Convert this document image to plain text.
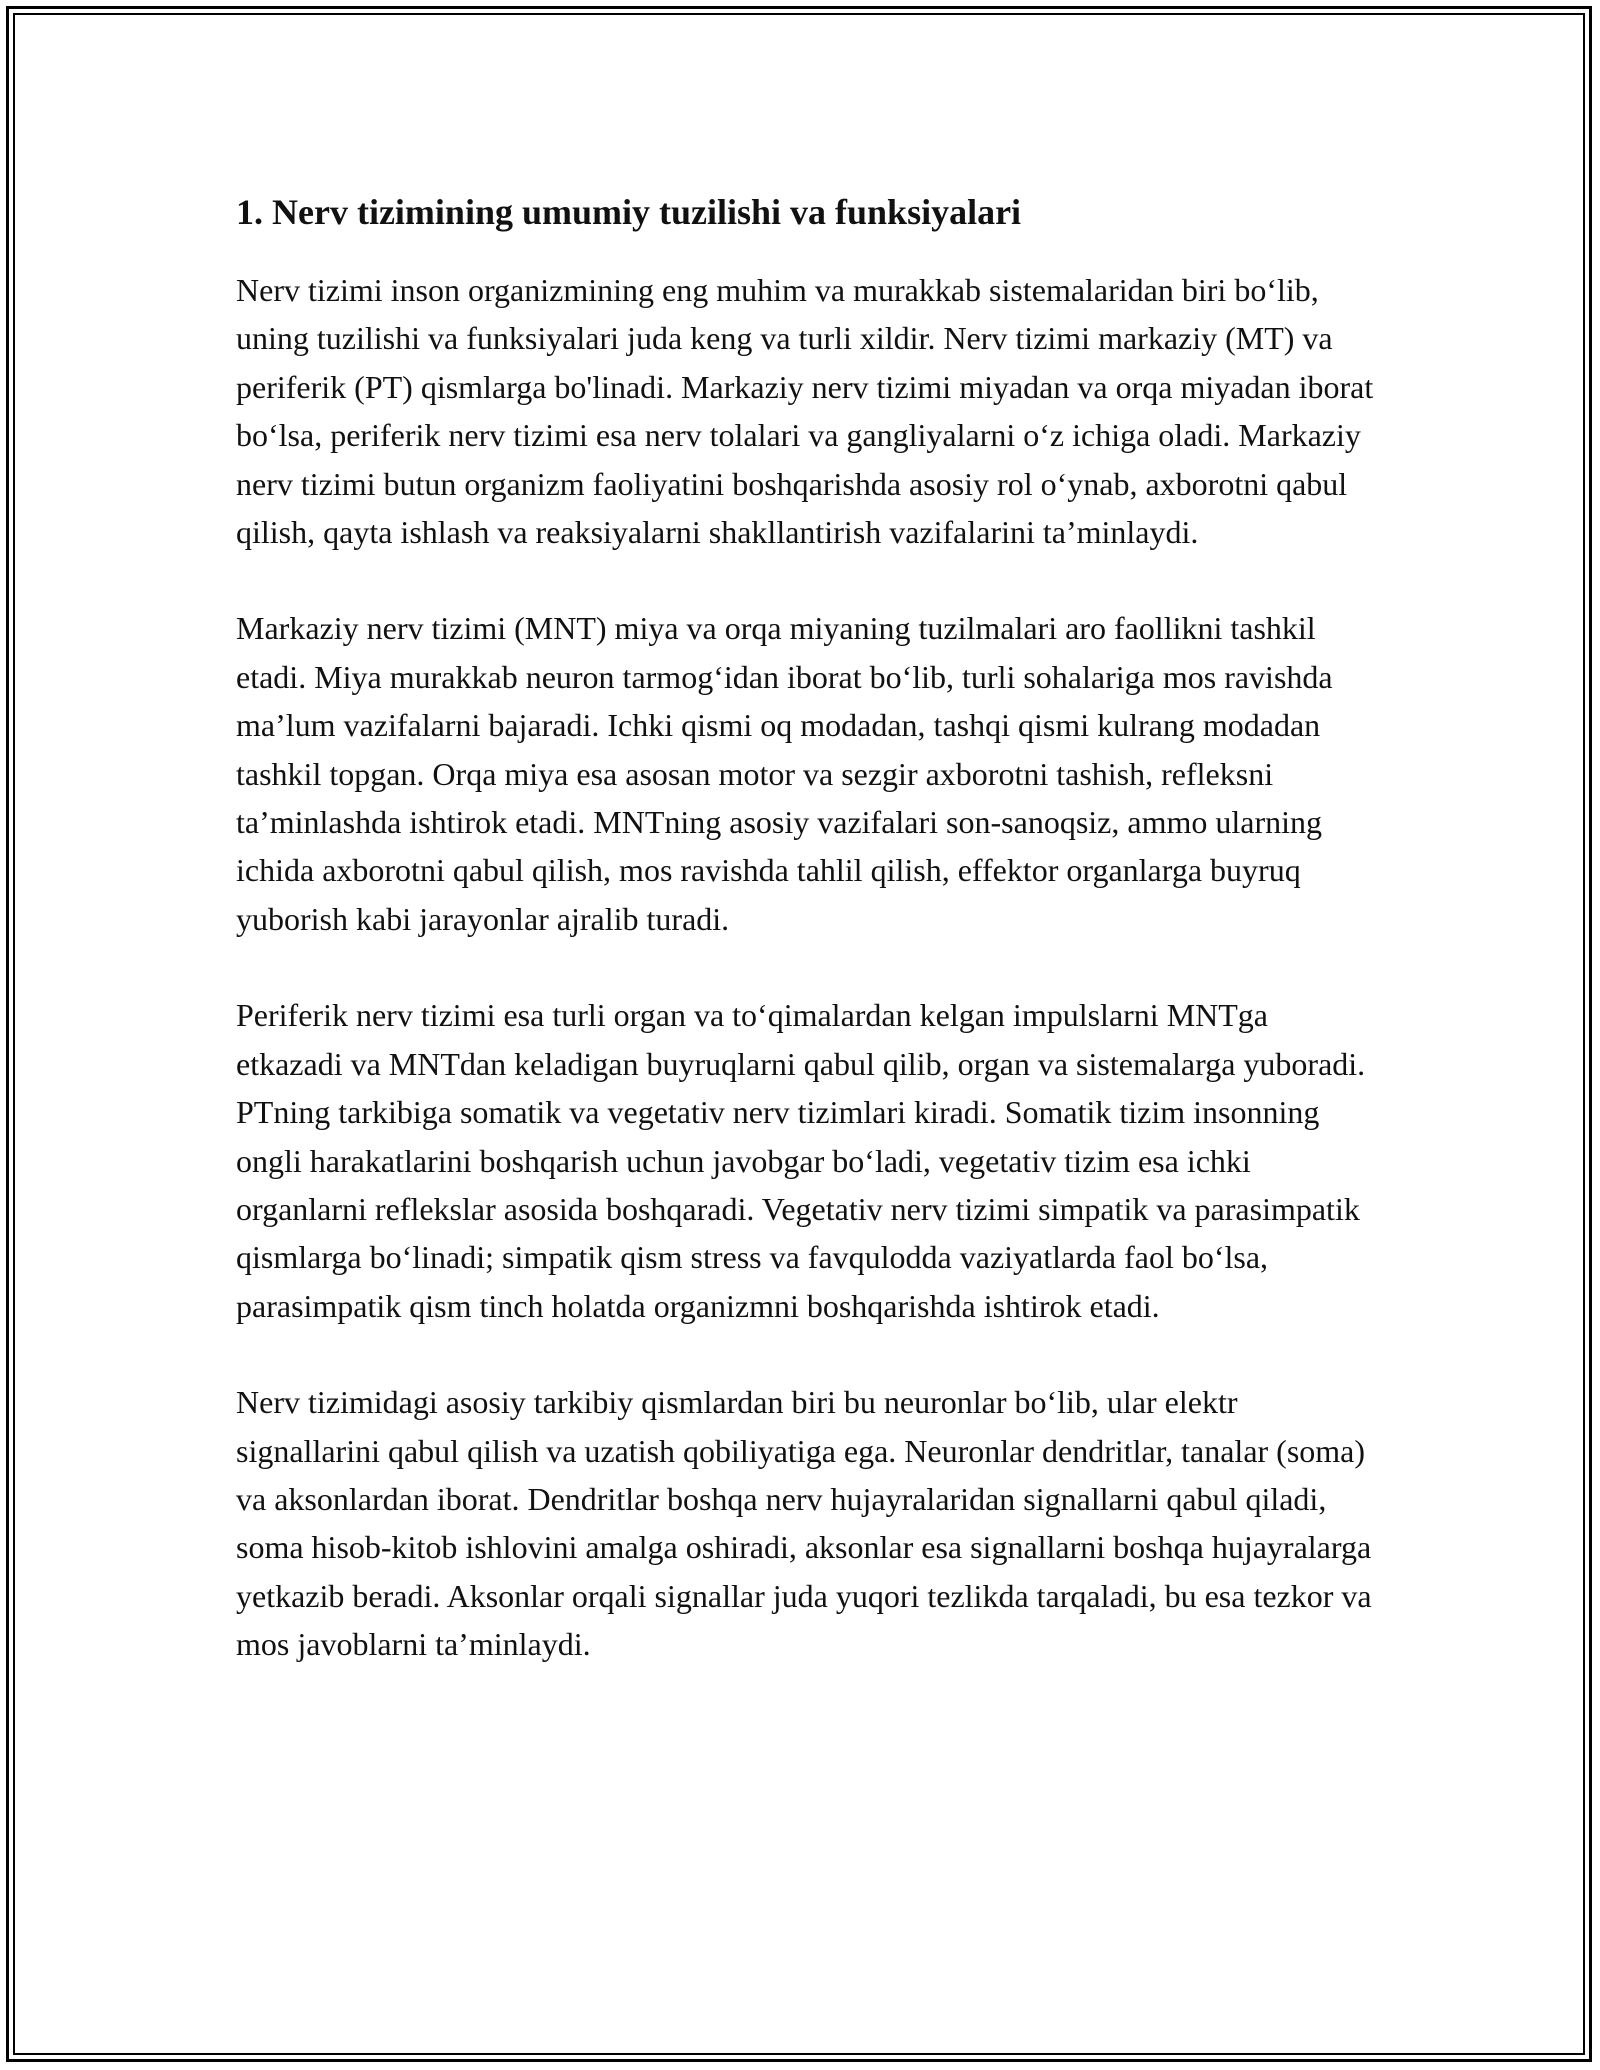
1. Nerv tizimining umumiy tuzilishi va funksiyalari

Nerv tizimi inson organizmining eng muhim va murakkab sistemalaridan biri bo‘lib, uning tuzilishi va funksiyalari juda keng va turli xildir. Nerv tizimi markaziy (MT) va periferik (PT) qismlarga bo'linadi. Markaziy nerv tizimi miyadan va orqa miyadan iborat bo‘lsa, periferik nerv tizimi esa nerv tolalari va gangliyalarni o‘z ichiga oladi. Markaziy nerv tizimi butun organizm faoliyatini boshqarishda asosiy rol o‘ynab, axborotni qabul qilish, qayta ishlash va reaksiyalarni shakllantirish vazifalarini ta’minlaydi.

Markaziy nerv tizimi (MNT) miya va orqa miyaning tuzilmalari aro faollikni tashkil etadi. Miya murakkab neuron tarmog‘idan iborat bo‘lib, turli sohalariga mos ravishda ma’lum vazifalarni bajaradi. Ichki qismi oq modadan, tashqi qismi kulrang modadan tashkil topgan. Orqa miya esa asosan motor va sezgir axborotni tashish, refleksni ta’minlashda ishtirok etadi. MNTning asosiy vazifalari son-sanoqsiz, ammo ularning ichida axborotni qabul qilish, mos ravishda tahlil qilish, effektor organlarga buyruq yuborish kabi jarayonlar ajralib turadi.

Periferik nerv tizimi esa turli organ va to‘qimalardan kelgan impulslarni MNTga etkazadi va MNTdan keladigan buyruqlarni qabul qilib, organ va sistemalarga yuboradi. PTning tarkibiga somatik va vegetativ nerv tizimlari kiradi. Somatik tizim insonning ongli harakatlarini boshqarish uchun javobgar bo‘ladi, vegetativ tizim esa ichki organlarni reflekslar asosida boshqaradi. Vegetativ nerv tizimi simpatik va parasimpatik qismlarga bo‘linadi; simpatik qism stress va favqulodda vaziyatlarda faol bo‘lsa, parasimpatik qism tinch holatda organizmni boshqarishda ishtirok etadi.

Nerv tizimidagi asosiy tarkibiy qismlardan biri bu neuronlar bo‘lib, ular elektr signallarini qabul qilish va uzatish qobiliyatiga ega. Neuronlar dendritlar, tanalar (soma) va aksonlardan iborat. Dendritlar boshqa nerv hujayralaridan signallarni qabul qiladi, soma hisob-kitob ishlovini amalga oshiradi, aksonlar esa signallarni boshqa hujayralarga yetkazib beradi. Aksonlar orqali signallar juda yuqori tezlikda tarqaladi, bu esa tezkor va mos javoblarni ta’minlaydi.
